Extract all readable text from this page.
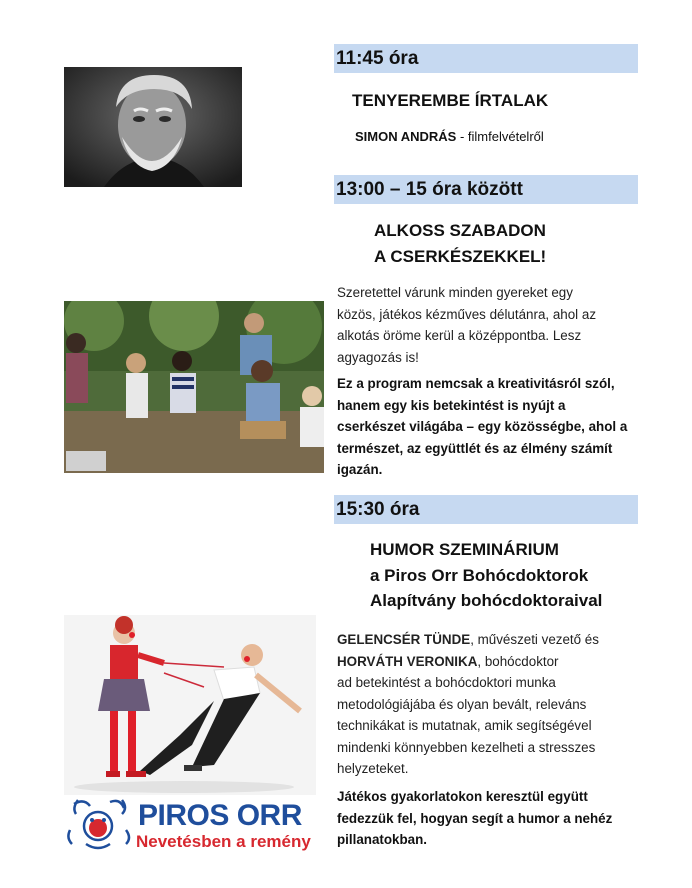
11:45 óra
TENYEREMBE ÍRTALAK
SIMON ANDRÁS - filmfelvételről
13:00 – 15 óra között
ALKOSS SZABADON
A CSERKÉSZEKKEL!
Szeretettel várunk minden gyereket egy
közös, játékos kézműves délutánra, ahol az
alkotás öröme kerül a középpontba. Lesz
agyagozás is!
Ez a program nemcsak a kreativitásról szól,
hanem egy kis betekintést is nyújt a
cserkészet világába – egy közösségbe, ahol a
természet, az együttlét és az élmény számít
igazán.
15:30 óra
HUMOR SZEMINÁRIUM
a Piros Orr Bohócdoktorok
Alapítvány bohócdoktoraival
GELENCSÉR TÜNDE, művészeti vezető és
HORVÁTH VERONIKA, bohócdoktor
ad betekintést a bohócdoktori munka
metodológiájába és olyan bevált, releváns
technikákat is mutatnak, amik segítségével
mindenki könnyebben kezelheti a stresszes
helyzeteket.
Játékos gyakorlatokon keresztül együtt
fedezzük fel, hogyan segít a humor a nehéz
pillanatokban.
PIROS ORR
Nevetésben a remény
